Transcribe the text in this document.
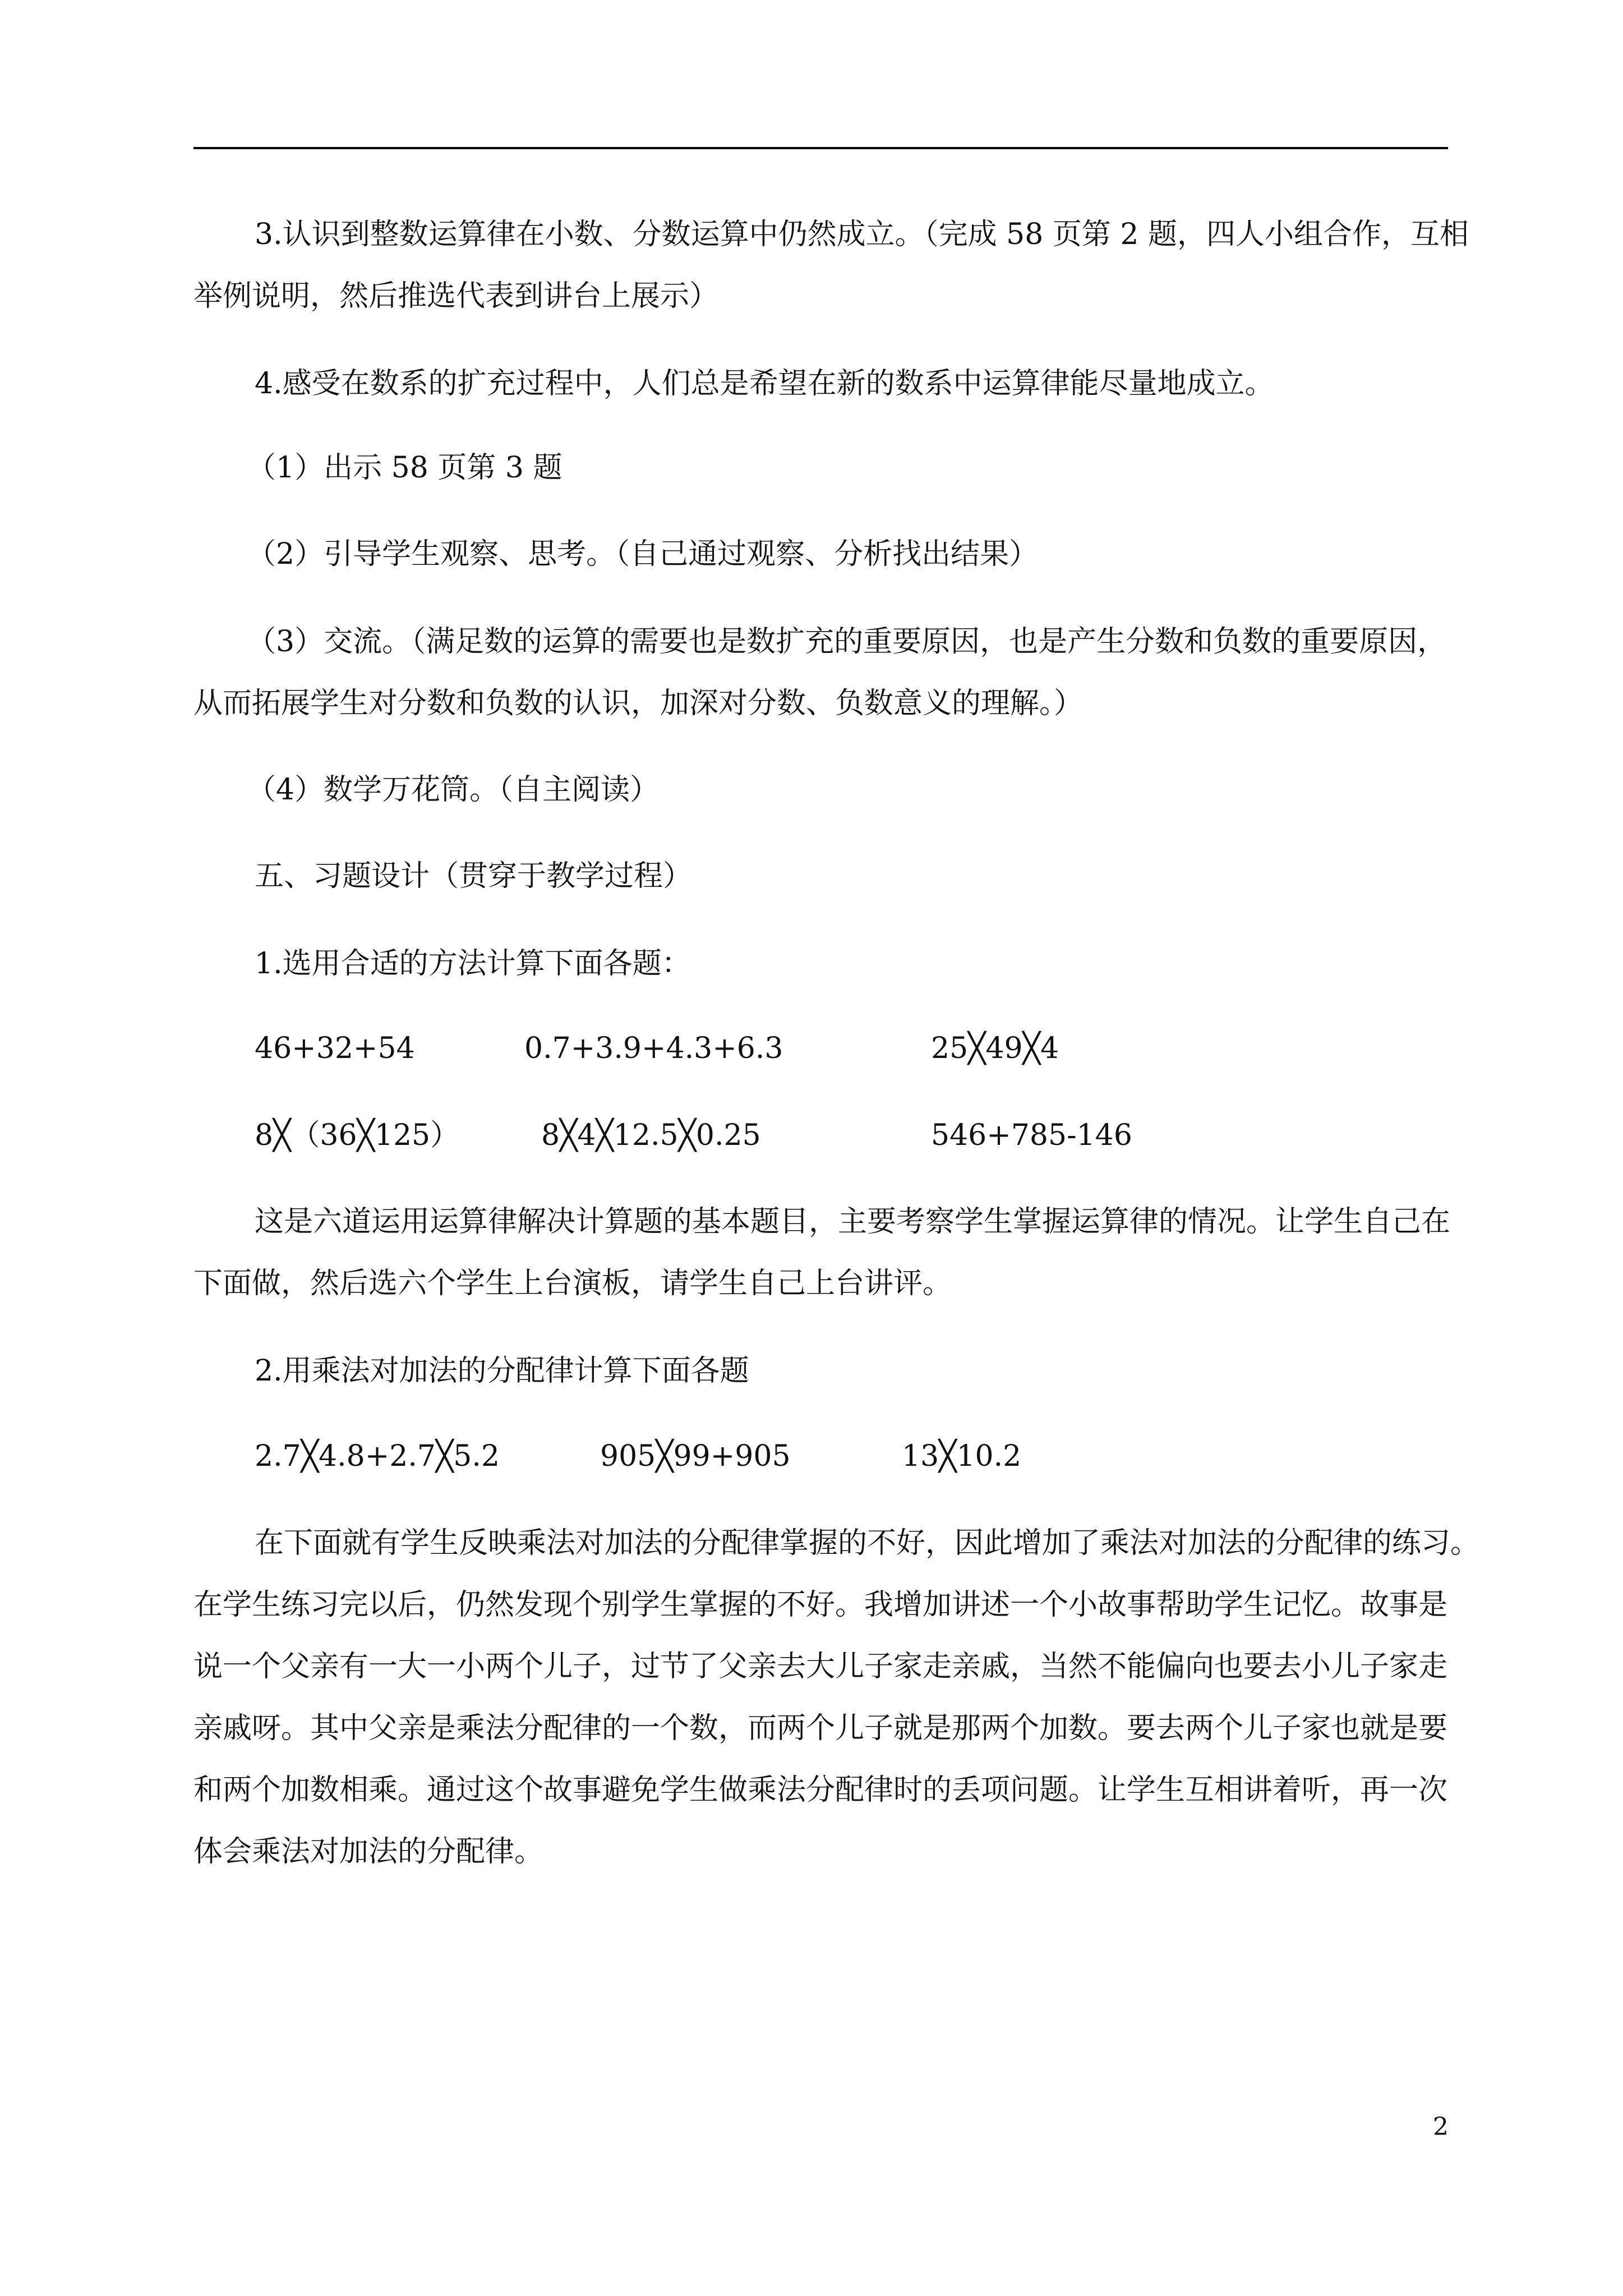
3.认识到整数运算律在小数、分数运算中仍然成立。（完成 58 页第 2 题，四人小组合作，互相
举例说明，然后推选代表到讲台上展示）
4.感受在数系的扩充过程中，人们总是希望在新的数系中运算律能尽量地成立。
（1）出示 58 页第 3 题
（2）引导学生观察、思考。（自己通过观察、分析找出结果）
（3）交流。（满足数的运算的需要也是数扩充的重要原因，也是产生分数和负数的重要原因，
从而拓展学生对分数和负数的认识，加深对分数、负数意义的理解。）
（4）数学万花筒。（自主阅读）
五、习题设计（贯穿于教学过程）
1.选用合适的方法计算下面各题：
46+32+54	0.7+3.9+4.3+6.3	25╳49╳4
8╳（36╳125）	8╳4╳12.5╳0.25	546+785-146
这是六道运用运算律解决计算题的基本题目，主要考察学生掌握运算律的情况。让学生自己在
下面做，然后选六个学生上台演板，请学生自己上台讲评。
2.用乘法对加法的分配律计算下面各题
2.7╳4.8+2.7╳5.2	905╳99+905	13╳10.2
在下面就有学生反映乘法对加法的分配律掌握的不好，因此增加了乘法对加法的分配律的练习。
在学生练习完以后，仍然发现个别学生掌握的不好。我增加讲述一个小故事帮助学生记忆。故事是
说一个父亲有一大一小两个儿子，过节了父亲去大儿子家走亲戚，当然不能偏向也要去小儿子家走
亲戚呀。其中父亲是乘法分配律的一个数，而两个儿子就是那两个加数。要去两个儿子家也就是要
和两个加数相乘。通过这个故事避免学生做乘法分配律时的丢项问题。让学生互相讲着听，再一次
体会乘法对加法的分配律。
2
